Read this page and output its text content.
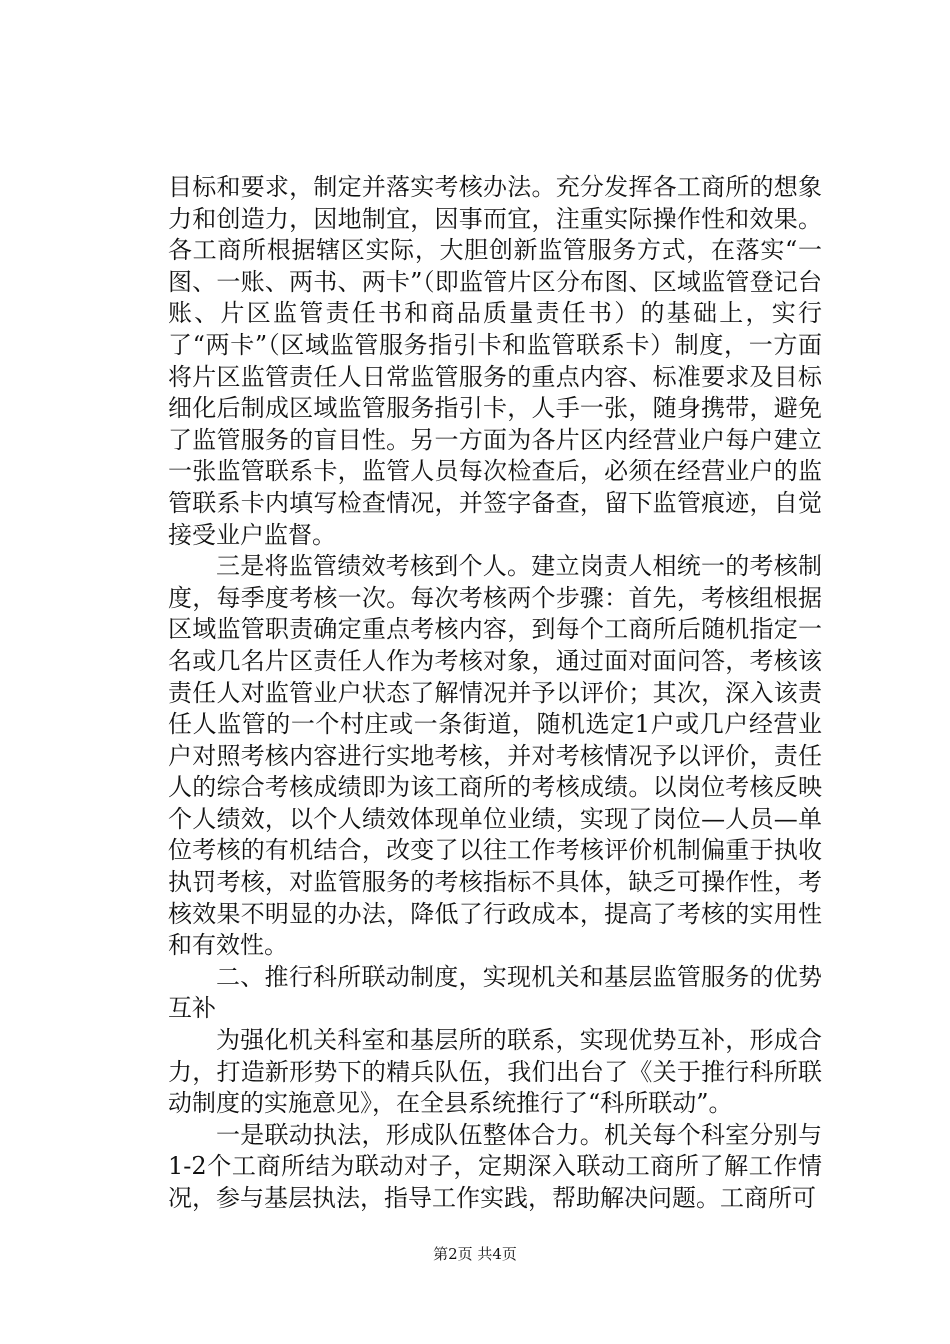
目标和要求，制定并落实考核办法。充分发挥各工商所的想象力和创造力，因地制宜，因事而宜，注重实际操作性和效果。各工商所根据辖区实际，大胆创新监管服务方式，在落实“一图、一账、两书、两卡”（即监管片区分布图、区域监管登记台账、片区监管责任书和商品质量责任书）的基础上，实行了“两卡”（区域监管服务指引卡和监管联系卡）制度，一方面将片区监管责任人日常监管服务的重点内容、标准要求及目标细化后制成区域监管服务指引卡，人手一张，随身携带，避免了监管服务的盲目性。另一方面为各片区内经营业户每户建立一张监管联系卡，监管人员每次检查后，必须在经营业户的监管联系卡内填写检查情况，并签字备查，留下监管痕迹，自觉接受业户监督。

三是将监管绩效考核到个人。建立岗责人相统一的考核制度，每季度考核一次。每次考核两个步骤：首先，考核组根据区域监管职责确定重点考核内容，到每个工商所后随机指定一名或几名片区责任人作为考核对象，通过面对面问答，考核该责任人对监管业户状态了解情况并予以评价；其次，深入该责任人监管的一个村庄或一条街道，随机选定1户或几户经营业户对照考核内容进行实地考核，并对考核情况予以评价，责任人的综合考核成绩即为该工商所的考核成绩。以岗位考核反映个人绩效，以个人绩效体现单位业绩，实现了岗位—人员—单位考核的有机结合，改变了以往工作考核评价机制偏重于执收执罚考核，对监管服务的考核指标不具体，缺乏可操作性，考核效果不明显的办法，降低了行政成本，提高了考核的实用性和有效性。

二、推行科所联动制度，实现机关和基层监管服务的优势互补

为强化机关科室和基层所的联系，实现优势互补，形成合力，打造新形势下的精兵队伍，我们出台了《关于推行科所联动制度的实施意见》，在全县系统推行了“科所联动”。

一是联动执法，形成队伍整体合力。机关每个科室分别与1-2个工商所结为联动对子，定期深入联动工商所了解工作情况，参与基层执法，指导工作实践，帮助解决问题。工商所可

第2页 共4页
